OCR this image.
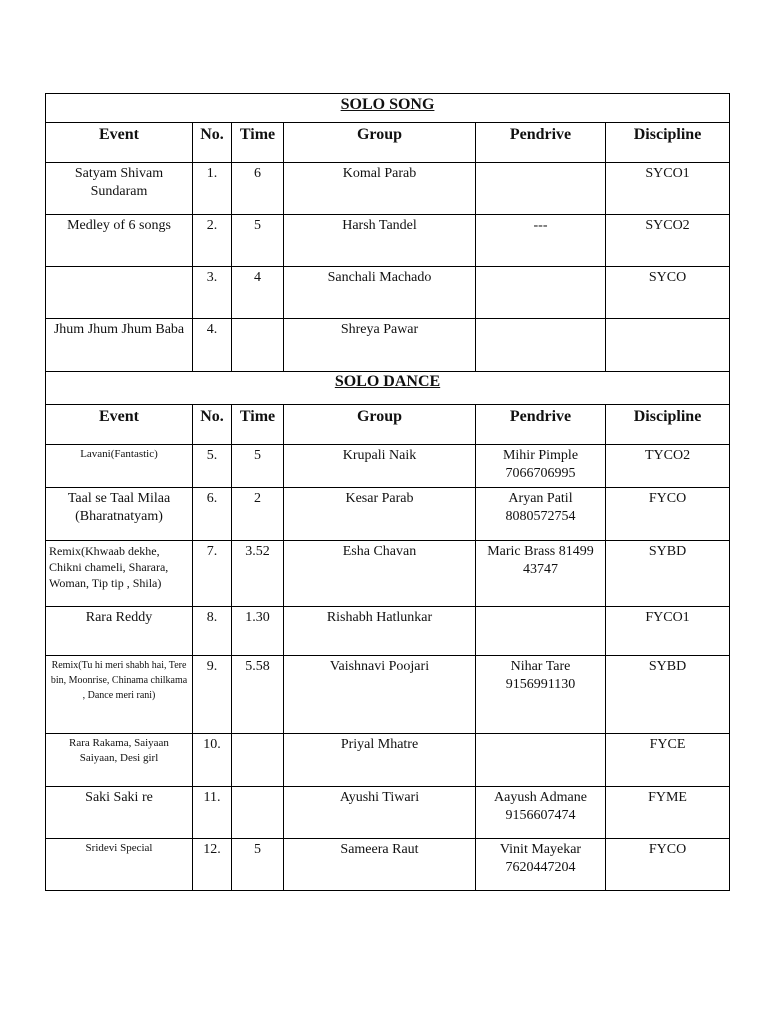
SOLO SONG					
Event	No.	Time	Group	Pendrive	Discipline
Satyam Shivam Sundaram	1.	6	Komal Parab		SYCO1
Medley of 6 songs	2.	5	Harsh Tandel	---	SYCO2
	3.	4	Sanchali Machado		SYCO
Jhum Jhum Jhum Baba	4.		Shreya Pawar		
SOLO DANCE					
Event	No.	Time	Group	Pendrive	Discipline
Lavani(Fantastic)	5.	5	Krupali Naik	Mihir Pimple 7066706995	TYCO2
Taal se Taal Milaa (Bharatnatyam)	6.	2	Kesar Parab	Aryan Patil 8080572754	FYCO
Remix(Khwaab dekhe, Chikni chameli, Sharara, Woman, Tip tip , Shila)	7.	3.52	Esha Chavan	Maric Brass 81499 43747	SYBD
Rara Reddy	8.	1.30	Rishabh Hatlunkar		FYCO1
Remix(Tu hi meri shabh hai, Tere bin, Moonrise, Chinama chilkama , Dance meri rani)	9.	5.58	Vaishnavi Poojari	Nihar Tare 9156991130	SYBD
Rara Rakama, Saiyaan Saiyaan, Desi girl	10.		Priyal Mhatre		FYCE
Saki Saki re	11.		Ayushi Tiwari	Aayush Admane 9156607474	FYME
Sridevi Special	12.	5	Sameera Raut	Vinit Mayekar 7620447204	FYCO
